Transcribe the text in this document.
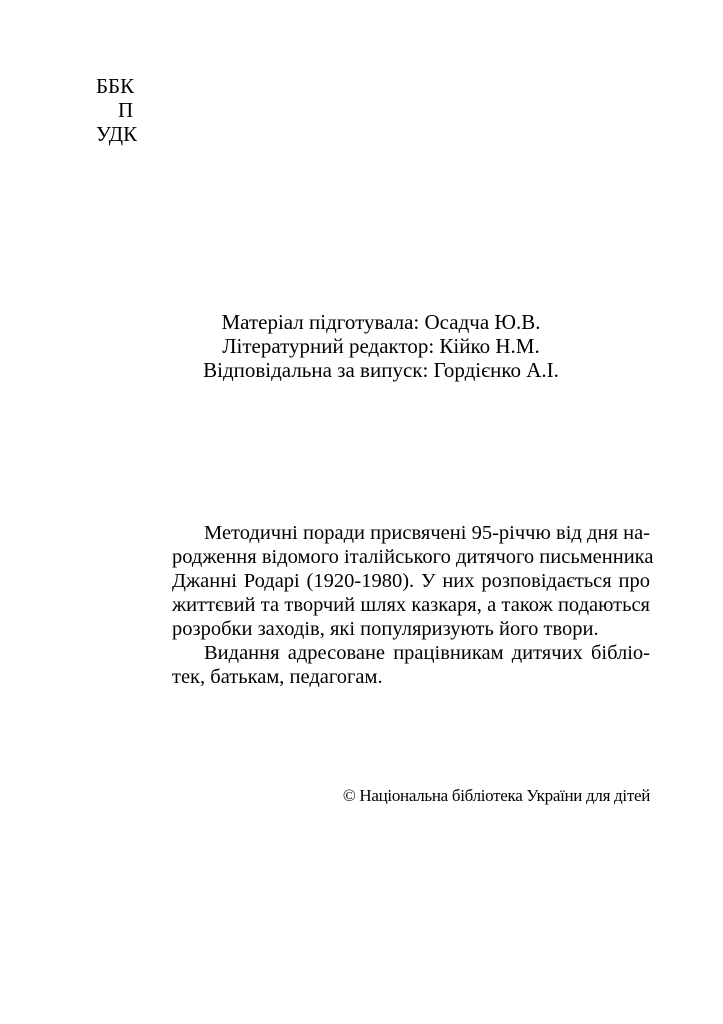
ББК
П
УДК
Матеріал підготувала: Осадча Ю.В.
Літературний редактор: Кійко Н.М.
Відповідальна за випуск: Гордієнко А.І.
Методичні поради присвячені 95-річчю від дня на-
родження відомого італійського дитячого письменника
Джанні Родарі (1920-1980). У них розповідається про
життєвий та творчий шлях казкаря, а також подаються
розробки заходів, які популяризують його твори.
Видання адресоване працівникам дитячих бібліо-
тек, батькам, педагогам.
© Національна бібліотека України для дітей
